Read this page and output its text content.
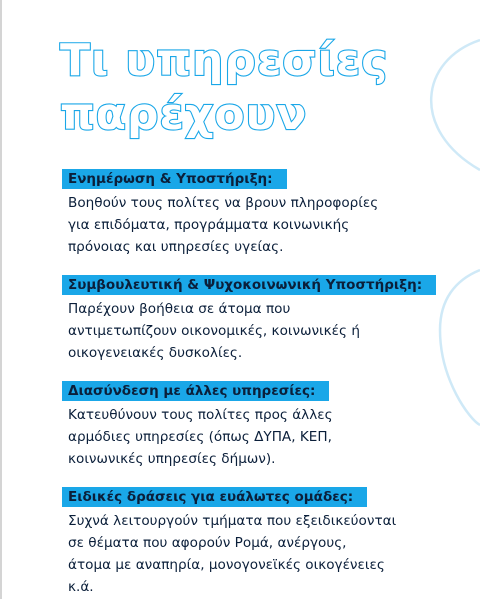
Τι υπηρεσίες
παρέχουν
Ενημέρωση & Υποστήριξη:

Βοηθούν τους πολίτες να βρουν πληροφορίες
για επιδόματα, προγράμματα κοινωνικής
πρόνοιας και υπηρεσίες υγείας.

Συμβουλευτική & Ψυχοκοινωνική Υποστήριξη:

Παρέχουν βοήθεια σε άτομα που
αντιμετωπίζουν οικονομικές, κοινωνικές ή
οικογενειακές δυσκολίες.

Διασύνδεση με άλλες υπηρεσίες:

Κατευθύνουν τους πολίτες προς άλλες
αρμόδιες υπηρεσίες (όπως ΔΥΠΑ, ΚΕΠ,
κοινωνικές υπηρεσίες δήμων).

Ειδικές δράσεις για ευάλωτες ομάδες:

Συχνά λειτουργούν τμήματα που εξειδικεύονται
σε θέματα που αφορούν Ρομά, ανέργους,
άτομα με αναπηρία, μονογονεϊκές οικογένειες
κ.ά.
